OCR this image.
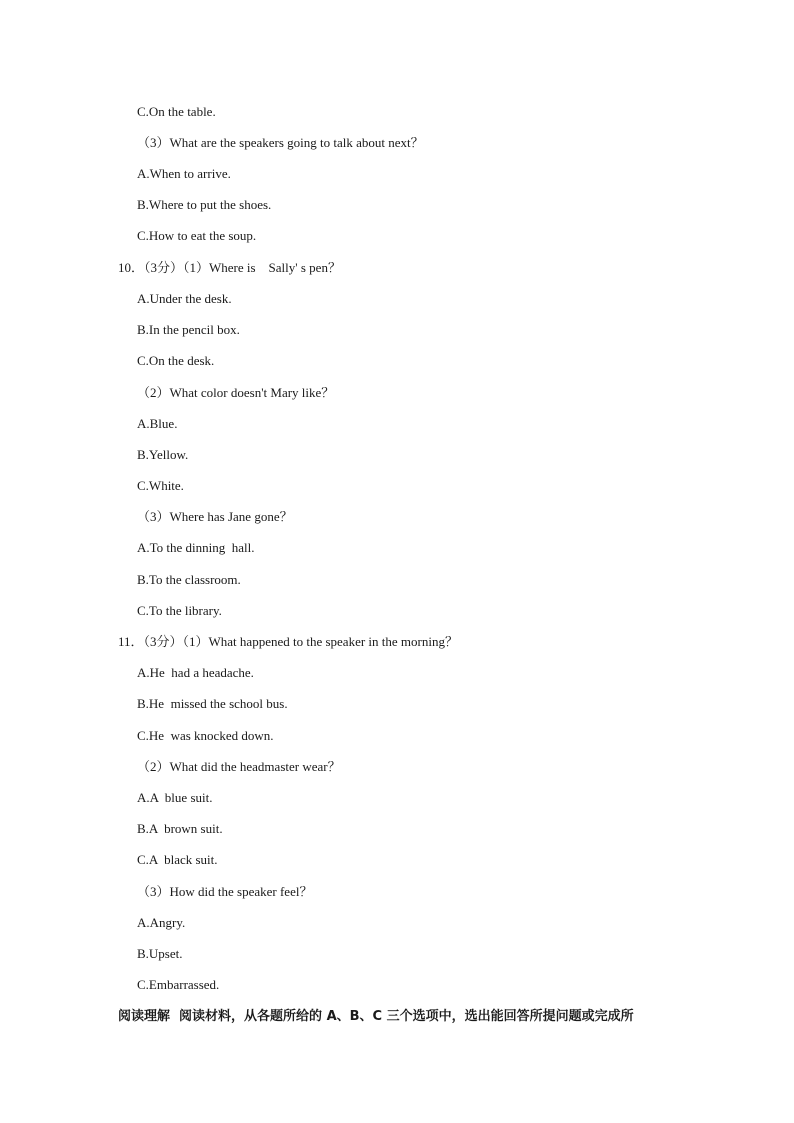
C.On the table.
（3）What are the speakers going to talk about next？
A.When to arrive.
B.Where to put the shoes.
C.How to eat the soup.
10．（3分）（1）Where is    Sally' s pen？
A.Under the desk.
B.In the pencil box.
C.On the desk.
（2）What color doesn't Mary like？
A.Blue.
B.Yellow.
C.White.
（3）Where has Jane gone？
A.To the dinning  hall.
B.To the classroom.
C.To the library.
11．（3分）（1）What happened to the speaker in the morning？
A.He  had a headache.
B.He  missed the school bus.
C.He  was knocked down.
（2）What did the headmaster wear？
A.A  blue suit.
B.A  brown suit.
C.A  black suit.
（3）How did the speaker feel？
A.Angry.
B.Upset.
C.Embarrassed.
阅读理解  阅读材料，从各题所给的 A、B、C 三个选项中，选出能回答所提问题或完成所
